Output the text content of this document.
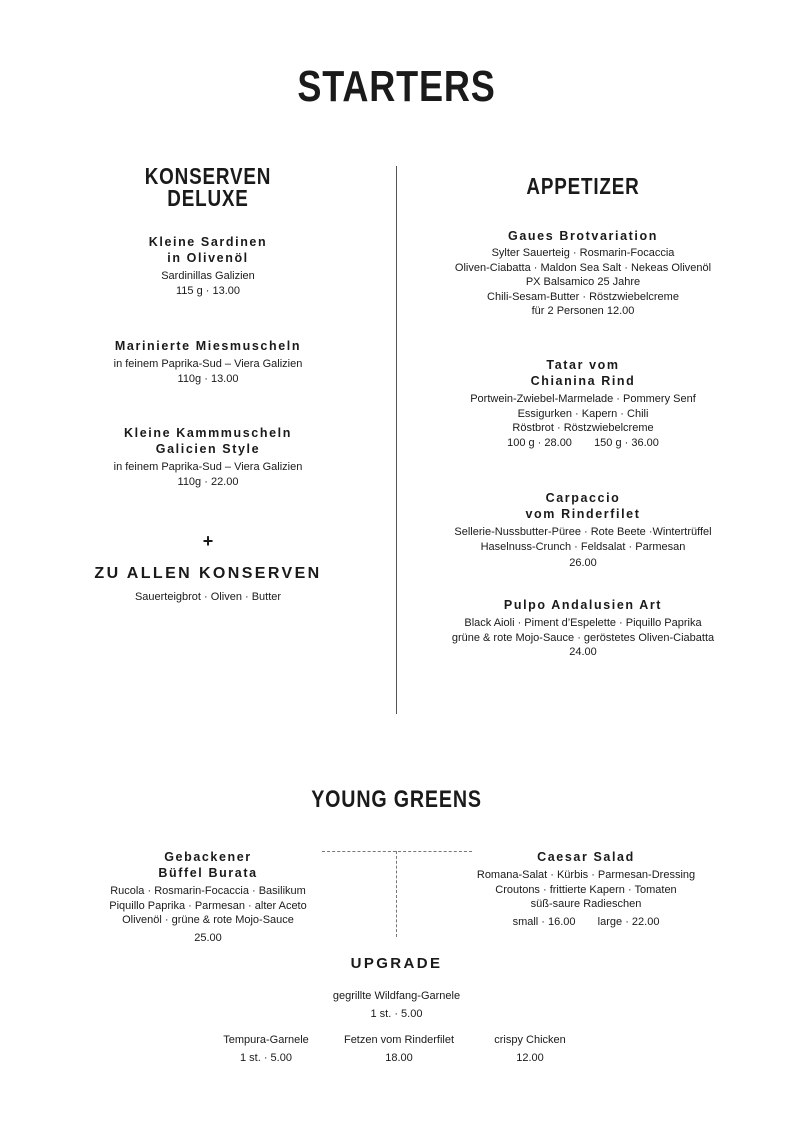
STARTERS
KONSERVEN
DELUXE
Kleine Sardinen
in Olivenöl
Sardinillas Galizien
115 g · 13.00
Marinierte Miesmuscheln
in feinem Paprika-Sud – Viera Galizien
110g · 13.00
Kleine Kammmuscheln
Galicien Style
in feinem Paprika-Sud – Viera Galizien
110g · 22.00
+
ZU ALLEN KONSERVEN
Sauerteigbrot · Oliven · Butter
APPETIZER
Gaues Brotvariation
Sylter Sauerteig · Rosmarin-Focaccia
Oliven-Ciabatta · Maldon Sea Salt · Nekeas Olivenöl
PX Balsamico 25 Jahre
Chili-Sesam-Butter · Röstzwiebelcreme
für 2 Personen 12.00
Tatar vom
Chianina Rind
Portwein-Zwiebel-Marmelade · Pommery Senf
Essigurken · Kapern · Chili
Röstbrot · Röstzwiebelcreme
100 g · 28.00 150 g · 36.00
Carpaccio
vom Rinderfilet
Sellerie-Nussbutter-Püree · Rote Beete ·Wintertrüffel
Haselnuss-Crunch · Feldsalat · Parmesan
26.00
Pulpo Andalusien Art
Black Aioli · Piment d’Espelette · Piquillo Paprika
grüne & rote Mojo-Sauce · geröstetes Oliven-Ciabatta
24.00
YOUNG GREENS
Gebackener
Büffel Burata
Rucola · Rosmarin-Focaccia · Basilikum
Piquillo Paprika · Parmesan · alter Aceto
Olivenöl · grüne & rote Mojo-Sauce
25.00
Caesar Salad
Romana-Salat · Kürbis · Parmesan-Dressing
Croutons · frittierte Kapern · Tomaten
süß-saure Radieschen
small · 16.00 large · 22.00
UPGRADE
gegrillte Wildfang-Garnele
1 st. · 5.00
Tempura-Garnele
1 st. · 5.00
Fetzen vom Rinderfilet
18.00
crispy Chicken
12.00
